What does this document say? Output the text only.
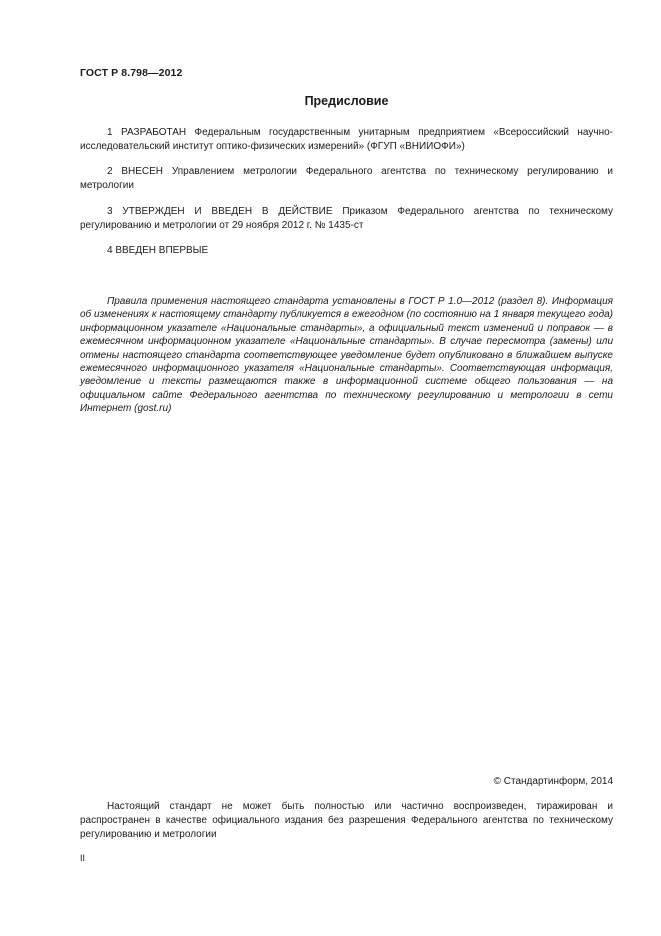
ГОСТ Р 8.798—2012
Предисловие

1 РАЗРАБОТАН Федеральным государственным унитарным предприятием «Всероссийский научно-исследовательский институт оптико-физических измерений» (ФГУП «ВНИИОФИ»)

2 ВНЕСЕН Управлением метрологии Федерального агентства по техническому регулированию и метрологии

3 УТВЕРЖДЕН И ВВЕДЕН В ДЕЙСТВИЕ Приказом Федерального агентства по техническому регулированию и метрологии от 29 ноября 2012 г. № 1435-ст

4 ВВЕДЕН ВПЕРВЫЕ

Правила применения настоящего стандарта установлены в ГОСТ Р 1.0—2012 (раздел 8). Информация об изменениях к настоящему стандарту публикуется в ежегодном (по состоянию на 1 января текущего года) информационном указателе «Национальные стандарты», а официальный текст изменений и поправок — в ежемесячном информационном указателе «Национальные стандарты». В случае пересмотра (замены) или отмены настоящего стандарта соответствующее уведомление будет опубликовано в ближайшем выпуске ежемесячного информационного указателя «Национальные стандарты». Соответствующая информация, уведомление и тексты размещаются также в информационной системе общего пользования — на официальном сайте Федерального агентства по техническому регулированию и метрологии в сети Интернет (gost.ru)

© Стандартинформ, 2014

Настоящий стандарт не может быть полностью или частично воспроизведен, тиражирован и распространен в качестве официального издания без разрешения Федерального агентства по техническому регулированию и метрологии

II
